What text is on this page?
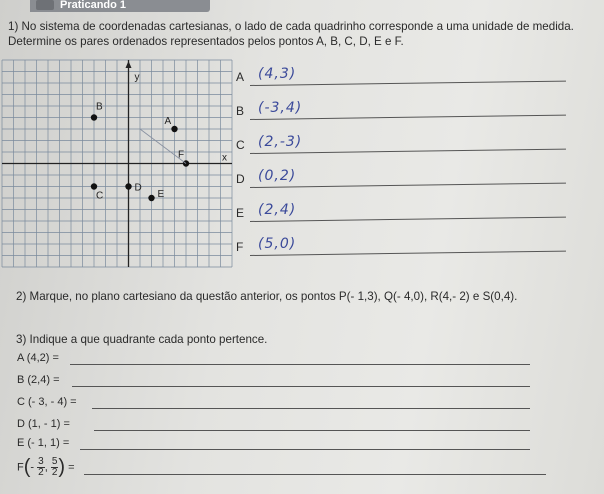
Praticando 1
1) No sistema de coordenadas cartesianas, o lado de cada quadrinho corresponde a uma unidade de medida. Determine os pares ordenados representados pelos pontos A, B, C, D, E e F.
x
y
A
B
C
D
E
F
A (4,3)
B (-3,4)
C (2,-3)
D (0,2)
E (2,4)
F (5,0)
2) Marque, no plano cartesiano da questão anterior, os pontos P(- 1,3), Q(- 4,0), R(4,- 2) e S(0,4).
3) Indique a que quadrante cada ponto pertence.
A (4,2) =
B (2,4) =
C (- 3, - 4) =
D (1, - 1) =
E (- 1, 1) =
$F(- \frac{3}{2}$ , $\frac{5}{2}$ ) =
